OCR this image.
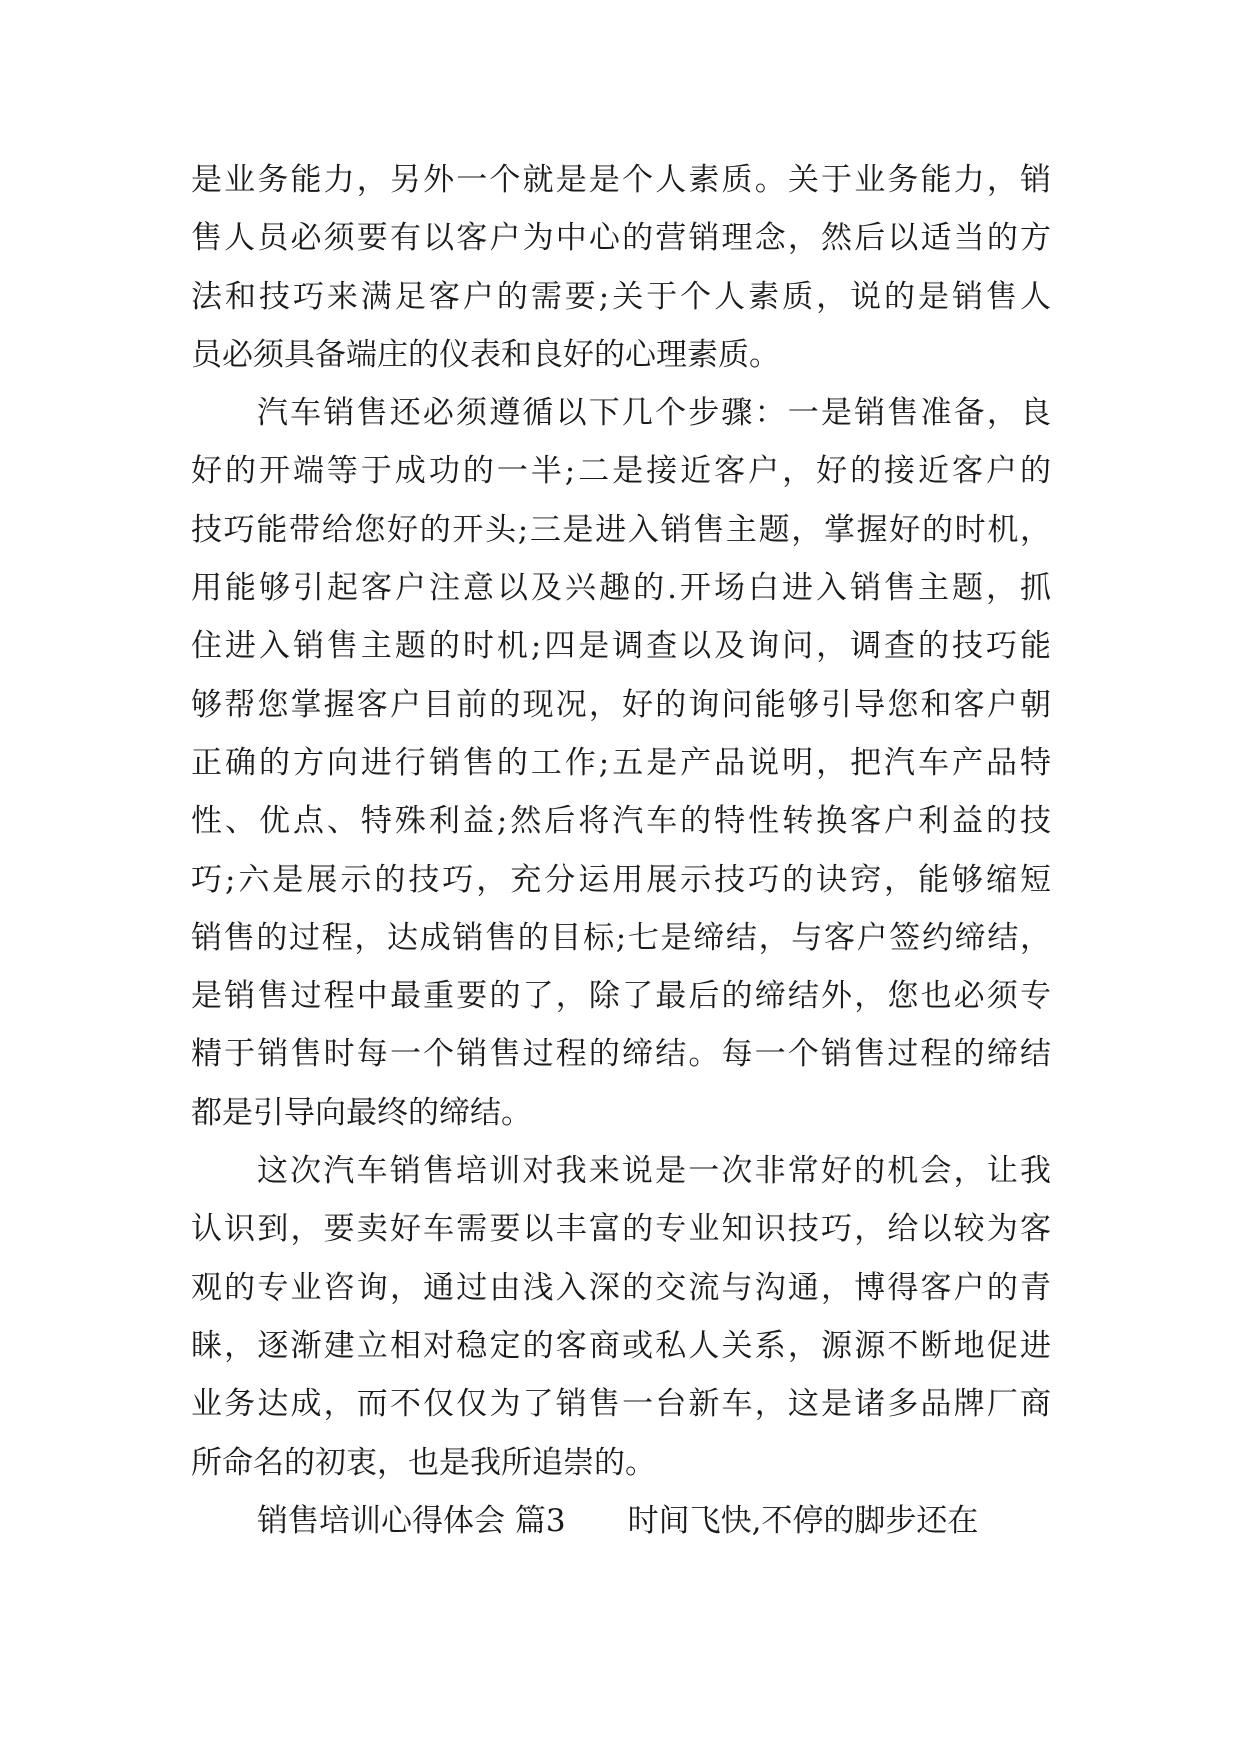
是业务能力，另外一个就是是个人素质。关于业务能力，销
售人员必须要有以客户为中心的营销理念，然后以适当的方
法和技巧来满足客户的需要;关于个人素质，说的是销售人
员必须具备端庄的仪表和良好的心理素质。
汽车销售还必须遵循以下几个步骤：一是销售准备，良
好的开端等于成功的一半;二是接近客户，好的接近客户的
技巧能带给您好的开头;三是进入销售主题，掌握好的时机，
用能够引起客户注意以及兴趣的.开场白进入销售主题，抓
住进入销售主题的时机;四是调查以及询问，调查的技巧能
够帮您掌握客户目前的现况，好的询问能够引导您和客户朝
正确的方向进行销售的工作;五是产品说明，把汽车产品特
性、优点、特殊利益;然后将汽车的特性转换客户利益的技
巧;六是展示的技巧，充分运用展示技巧的诀窍，能够缩短
销售的过程，达成销售的目标;七是缔结，与客户签约缔结，
是销售过程中最重要的了，除了最后的缔结外，您也必须专
精于销售时每一个销售过程的缔结。每一个销售过程的缔结
都是引导向最终的缔结。
这次汽车销售培训对我来说是一次非常好的机会，让我
认识到，要卖好车需要以丰富的专业知识技巧，给以较为客
观的专业咨询，通过由浅入深的交流与沟通，博得客户的青
睐，逐渐建立相对稳定的客商或私人关系，源源不断地促进
业务达成，而不仅仅为了销售一台新车，这是诸多品牌厂商
所命名的初衷，也是我所追崇的。
销售培训心得体会 篇3 时间飞快,不停的脚步还在
